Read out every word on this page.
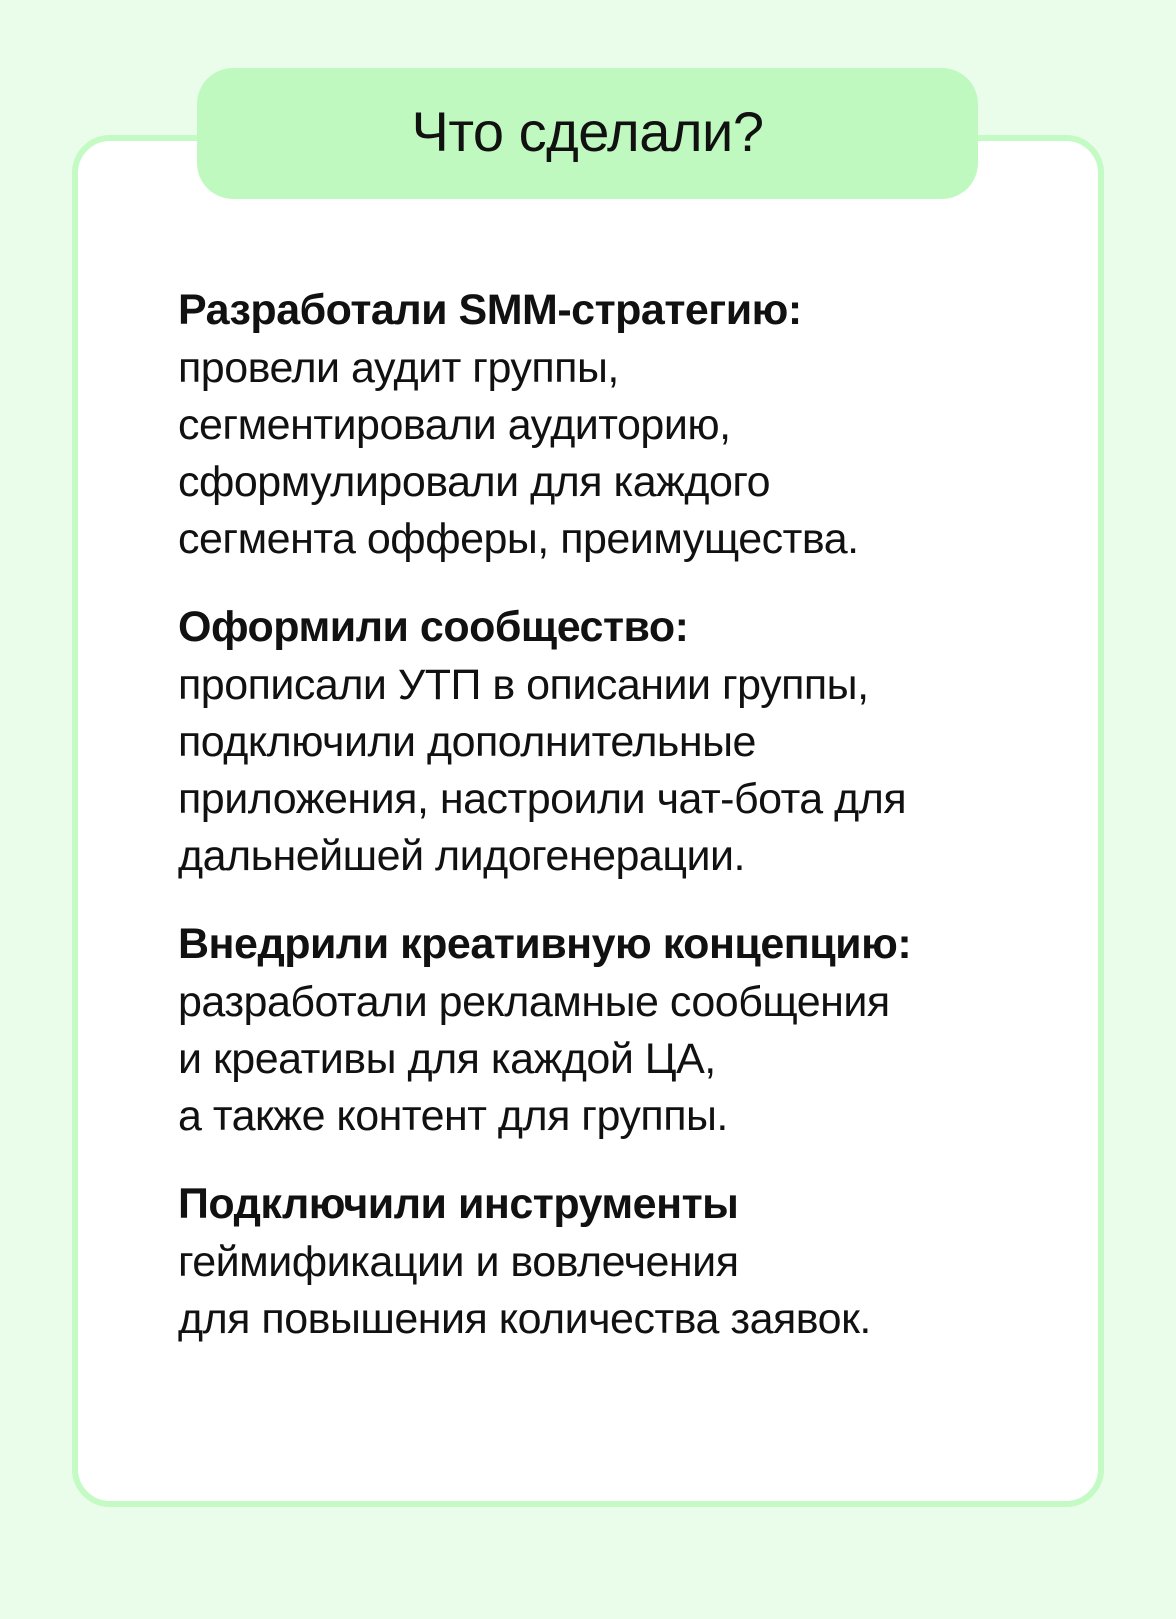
Что сделали?
Разработали SMM-стратегию:
провели аудит группы,
сегментировали аудиторию,
сформулировали для каждого
сегмента офферы, преимущества.
Оформили сообщество:
прописали УТП в описании группы,
подключили дополнительные
приложения, настроили чат-бота для
дальнейшей лидогенерации.
Внедрили креативную концепцию:
разработали рекламные сообщения
и креативы для каждой ЦА,
а также контент для группы.
Подключили инструменты
геймификации и вовлечения
для повышения количества заявок.
